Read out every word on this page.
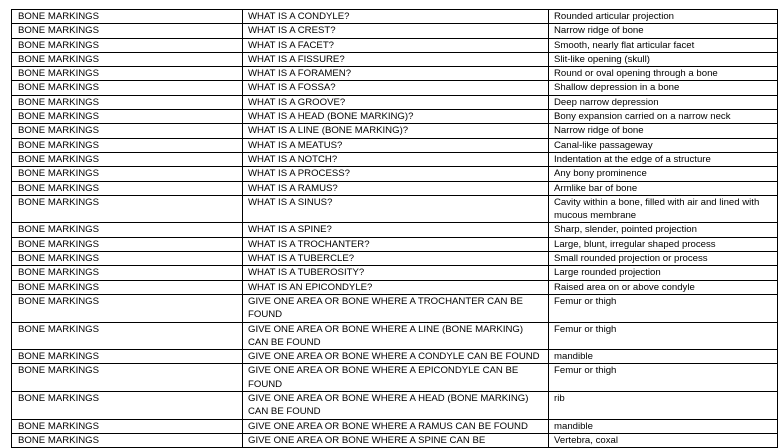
BONE MARKINGS	WHAT IS A CONDYLE?	Rounded articular projection
BONE MARKINGS	WHAT IS A CREST?	Narrow ridge of bone
BONE MARKINGS	WHAT IS A FACET?	Smooth, nearly flat articular facet
BONE MARKINGS	WHAT IS A FISSURE?	Slit-like opening (skull)
BONE MARKINGS	WHAT IS A FORAMEN?	Round or oval opening through a bone
BONE MARKINGS	WHAT IS A FOSSA?	Shallow depression in a bone
BONE MARKINGS	WHAT IS A GROOVE?	Deep narrow depression
BONE MARKINGS	WHAT IS A HEAD (BONE MARKING)?	Bony expansion carried on a narrow neck
BONE MARKINGS	WHAT IS A LINE (BONE MARKING)?	Narrow ridge of bone
BONE MARKINGS	WHAT IS A MEATUS?	Canal-like passageway
BONE MARKINGS	WHAT IS A NOTCH?	Indentation at the edge of a structure
BONE MARKINGS	WHAT IS A PROCESS?	Any bony prominence
BONE MARKINGS	WHAT IS A RAMUS?	Armlike bar of bone
BONE MARKINGS	WHAT IS A SINUS?	Cavity within a bone, filled with air and lined with mucous membrane
BONE MARKINGS	WHAT IS A SPINE?	Sharp, slender, pointed projection
BONE MARKINGS	WHAT IS A TROCHANTER?	Large, blunt, irregular shaped process
BONE MARKINGS	WHAT IS A TUBERCLE?	Small rounded projection or process
BONE MARKINGS	WHAT IS A TUBEROSITY?	Large rounded projection
BONE MARKINGS	WHAT IS AN EPICONDYLE?	Raised area on or above condyle
BONE MARKINGS	GIVE ONE AREA OR BONE WHERE A TROCHANTER CAN BE FOUND	Femur or thigh
BONE MARKINGS	GIVE ONE AREA OR BONE WHERE A LINE (BONE MARKING) CAN BE FOUND	Femur or thigh
BONE MARKINGS	GIVE ONE AREA OR BONE WHERE A CONDYLE CAN BE FOUND	mandible
BONE MARKINGS	GIVE ONE AREA OR BONE WHERE A EPICONDYLE CAN BE FOUND	Femur or thigh
BONE MARKINGS	GIVE ONE AREA OR BONE WHERE A HEAD (BONE MARKING) CAN BE FOUND	rib
BONE MARKINGS	GIVE ONE AREA OR BONE WHERE A RAMUS CAN BE FOUND	mandible
BONE MARKINGS	GIVE ONE AREA OR BONE WHERE A SPINE CAN BE	Vertebra, coxal
